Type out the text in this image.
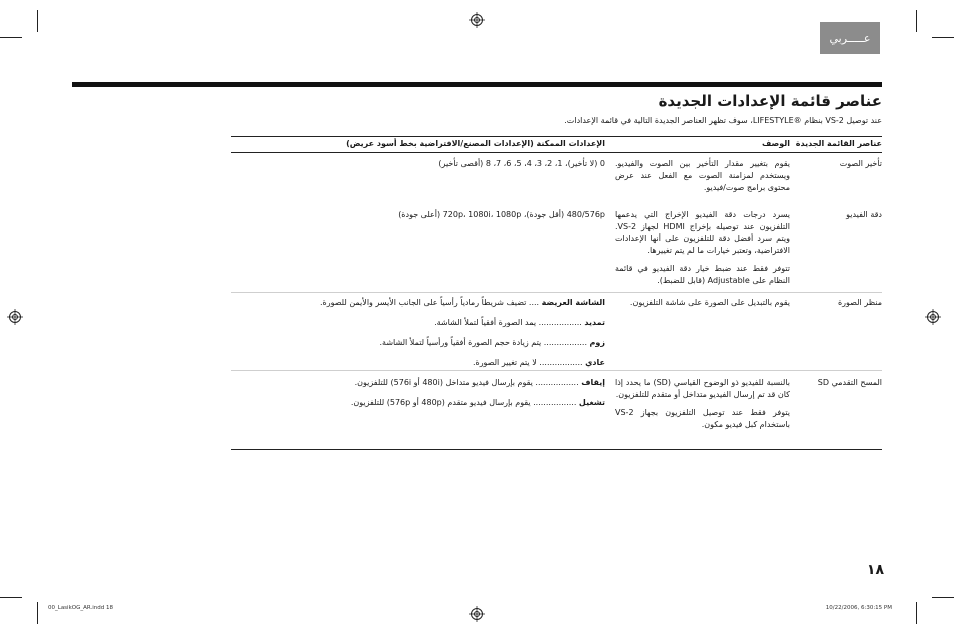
عـــــربي
عناصر قائمة الإعدادات الجديدة
عند توصيل VS-2 بنظام ®LIFESTYLE، سوف تظهر العناصر الجديدة التالية في قائمة الإعدادات.
عناصر القائمة الجديدة
الوصف
الإعدادات الممكنة (الإعدادات المصنع/الافتراضية بخط أسود عريض)
تأخير الصوت
يقوم بتغيير مقدار التأخير بين الصوت والفيديو. ويستخدم لمزامنة الصوت مع الفعل عند عرض محتوى برامج صوت/فيديو.
0 (لا تأخير)، 1، 2، 3، 4، 5، 6، 7، 8 (أقصى تأخير)
دقة الفيديو
يسرد درجات دقة الفيديو الإخراج التي يدعمها التلفزيون عند توصيله بإخراج HDMI لجهاز VS-2. ويتم سرد أفضل دقة للتلفزيون على أنها الإعدادات الافتراضية، وتعتبر خيارات ما لم يتم تغييرها.
تتوفر فقط عند ضبط خيار دقة الفيديو في قائمة النظام على Adjustable (قابل للضبط).
480/576p (أقل جودة)، 720p، 1080i، 1080p (أعلى جودة)
منظر الصورة
يقوم بالتبديل على الصورة على شاشة التلفزيون.
الشاشة العريضة .... تضيف شريطاً رمادياً رأسياً على الجانب الأيسر والأيمن للصورة.
تمديد ................. يمد الصورة أفقياً لتملأ الشاشة.
زوم ................. يتم زيادة حجم الصورة أفقياً ورأسياً لتملأ الشاشة.
عادي ................. لا يتم تغيير الصورة.
المسح التقدمي SD
بالنسبة للفيديو ذو الوضوح القياسي (SD) ما يحدد إذا كان قد تم إرسال الفيديو متداخل أو متقدم للتلفزيون.
يتوفر فقط عند توصيل التلفزيون بجهاز VS-2 باستخدام كبل فيديو مكون.
إيقاف ................. يقوم بإرسال فيديو متداخل (480i أو 576i) للتلفزيون.
تشغيل ................. يقوم بإرسال فيديو متقدم (480p أو 576p) للتلفزيون.
١٨
00_LasikOG_AR.indd 18	10/22/2006, 6:30:15 PM
